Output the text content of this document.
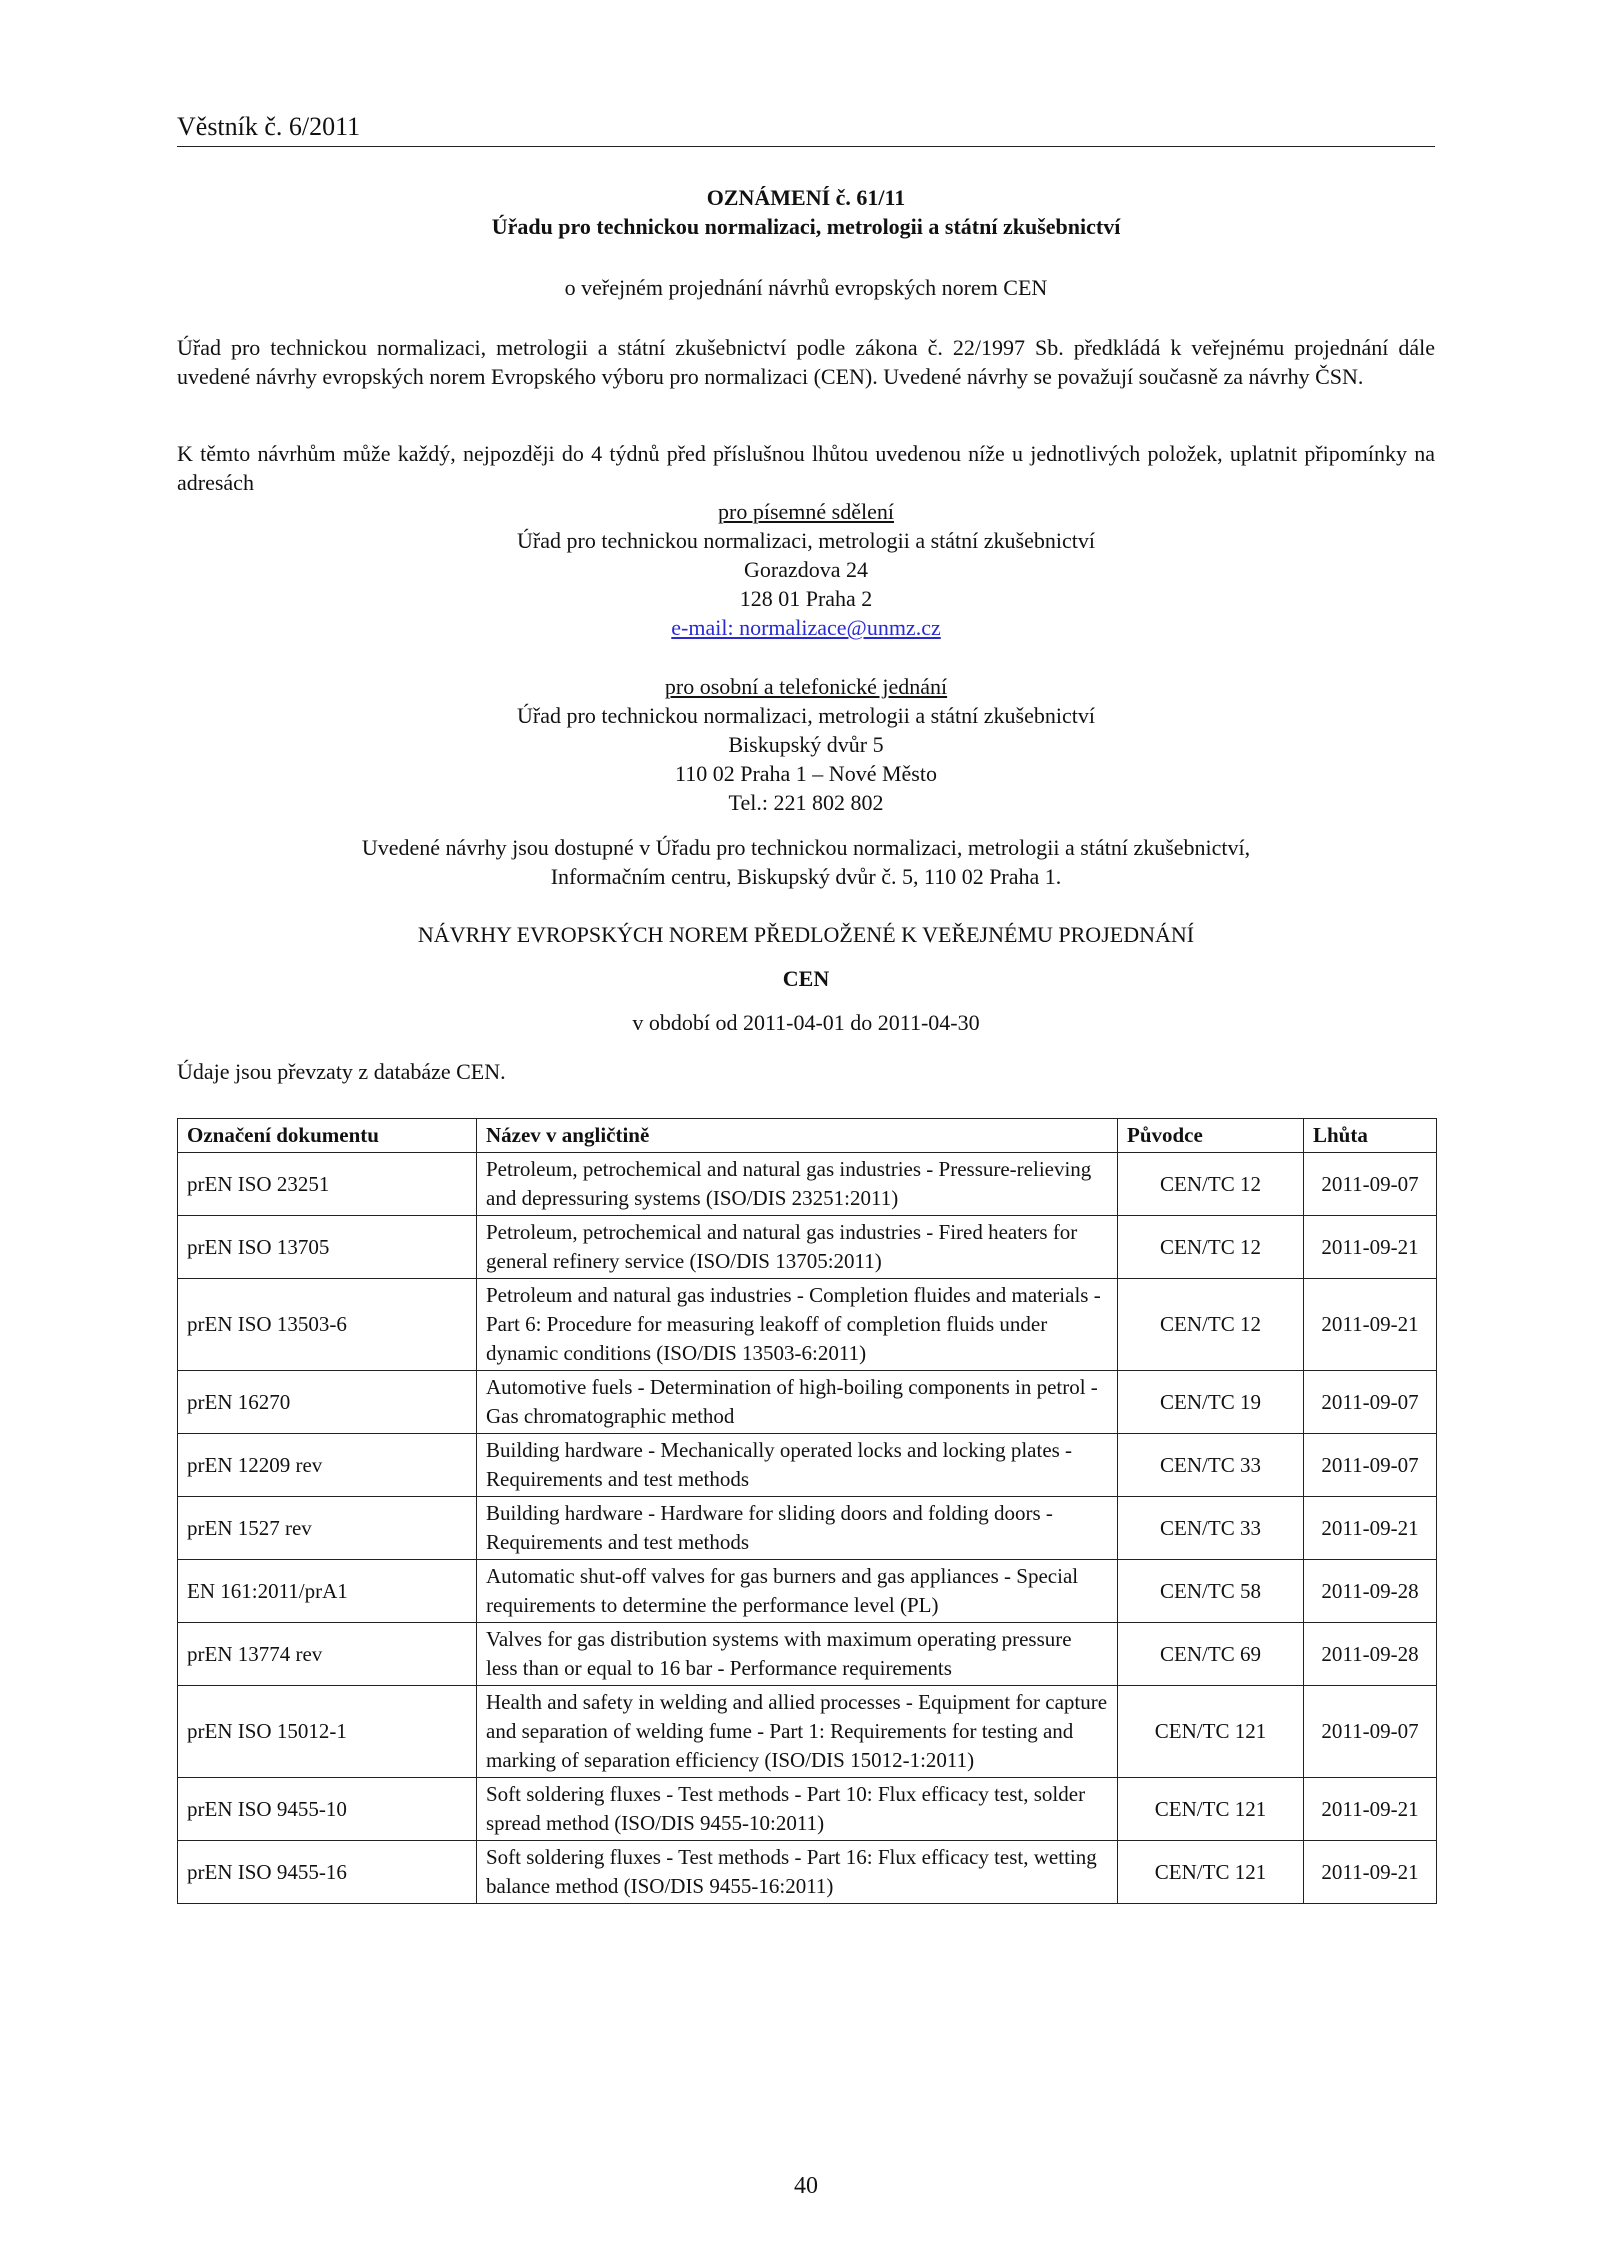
Věstník č. 6/2011
OZNÁMENÍ č. 61/11
Úřadu pro technickou normalizaci, metrologii a státní zkušebnictví
o veřejném projednání návrhů evropských norem CEN
Úřad pro technickou normalizaci, metrologii a státní zkušebnictví podle zákona č. 22/1997 Sb. předkládá k veřejnému projednání dále uvedené návrhy evropských norem Evropského výboru pro normalizaci (CEN). Uvedené návrhy se považují současně za návrhy ČSN.
K těmto návrhům může každý, nejpozději do 4 týdnů před příslušnou lhůtou uvedenou níže u jednotlivých položek, uplatnit připomínky na adresách
pro písemné sdělení
Úřad pro technickou normalizaci, metrologii a státní zkušebnictví
Gorazdova 24
128 01 Praha 2
e-mail: normalizace@unmz.cz
pro osobní a telefonické jednání
Úřad pro technickou normalizaci, metrologii a státní zkušebnictví
Biskupský dvůr 5
110 02 Praha 1 – Nové Město
Tel.: 221 802 802
Uvedené návrhy jsou dostupné v Úřadu pro technickou normalizaci, metrologii a státní zkušebnictví,
Informačním centru, Biskupský dvůr č. 5, 110 02 Praha 1.
NÁVRHY EVROPSKÝCH NOREM PŘEDLOŽENÉ K VEŘEJNÉMU PROJEDNÁNÍ
CEN
v období od 2011-04-01 do 2011-04-30
Údaje jsou převzaty z databáze CEN.
Označení dokumentu	Název v angličtině	Původce	Lhůta
prEN ISO 23251	Petroleum, petrochemical and natural gas industries - Pressure-relieving and depressuring systems (ISO/DIS 23251:2011)	CEN/TC 12	2011-09-07
prEN ISO 13705	Petroleum, petrochemical and natural gas industries - Fired heaters for general refinery service (ISO/DIS 13705:2011)	CEN/TC 12	2011-09-21
prEN ISO 13503-6	Petroleum and natural gas industries - Completion fluides and materials - Part 6: Procedure for measuring leakoff of completion fluids under dynamic conditions (ISO/DIS 13503-6:2011)	CEN/TC 12	2011-09-21
prEN 16270	Automotive fuels - Determination of high-boiling components in petrol - Gas chromatographic method	CEN/TC 19	2011-09-07
prEN 12209 rev	Building hardware - Mechanically operated locks and locking plates - Requirements and test methods	CEN/TC 33	2011-09-07
prEN 1527 rev	Building hardware - Hardware for sliding doors and folding doors - Requirements and test methods	CEN/TC 33	2011-09-21
EN 161:2011/prA1	Automatic shut-off valves for gas burners and gas appliances - Special requirements to determine the performance level (PL)	CEN/TC 58	2011-09-28
prEN 13774 rev	Valves for gas distribution systems with maximum operating pressure less than or equal to 16 bar - Performance requirements	CEN/TC 69	2011-09-28
prEN ISO 15012-1	Health and safety in welding and allied processes - Equipment for capture and separation of welding fume - Part 1: Requirements for testing and marking of separation efficiency (ISO/DIS 15012-1:2011)	CEN/TC 121	2011-09-07
prEN ISO 9455-10	Soft soldering fluxes - Test methods - Part 10: Flux efficacy test, solder spread method (ISO/DIS 9455-10:2011)	CEN/TC 121	2011-09-21
prEN ISO 9455-16	Soft soldering fluxes - Test methods - Part 16: Flux efficacy test, wetting balance method (ISO/DIS 9455-16:2011)	CEN/TC 121	2011-09-21
40
